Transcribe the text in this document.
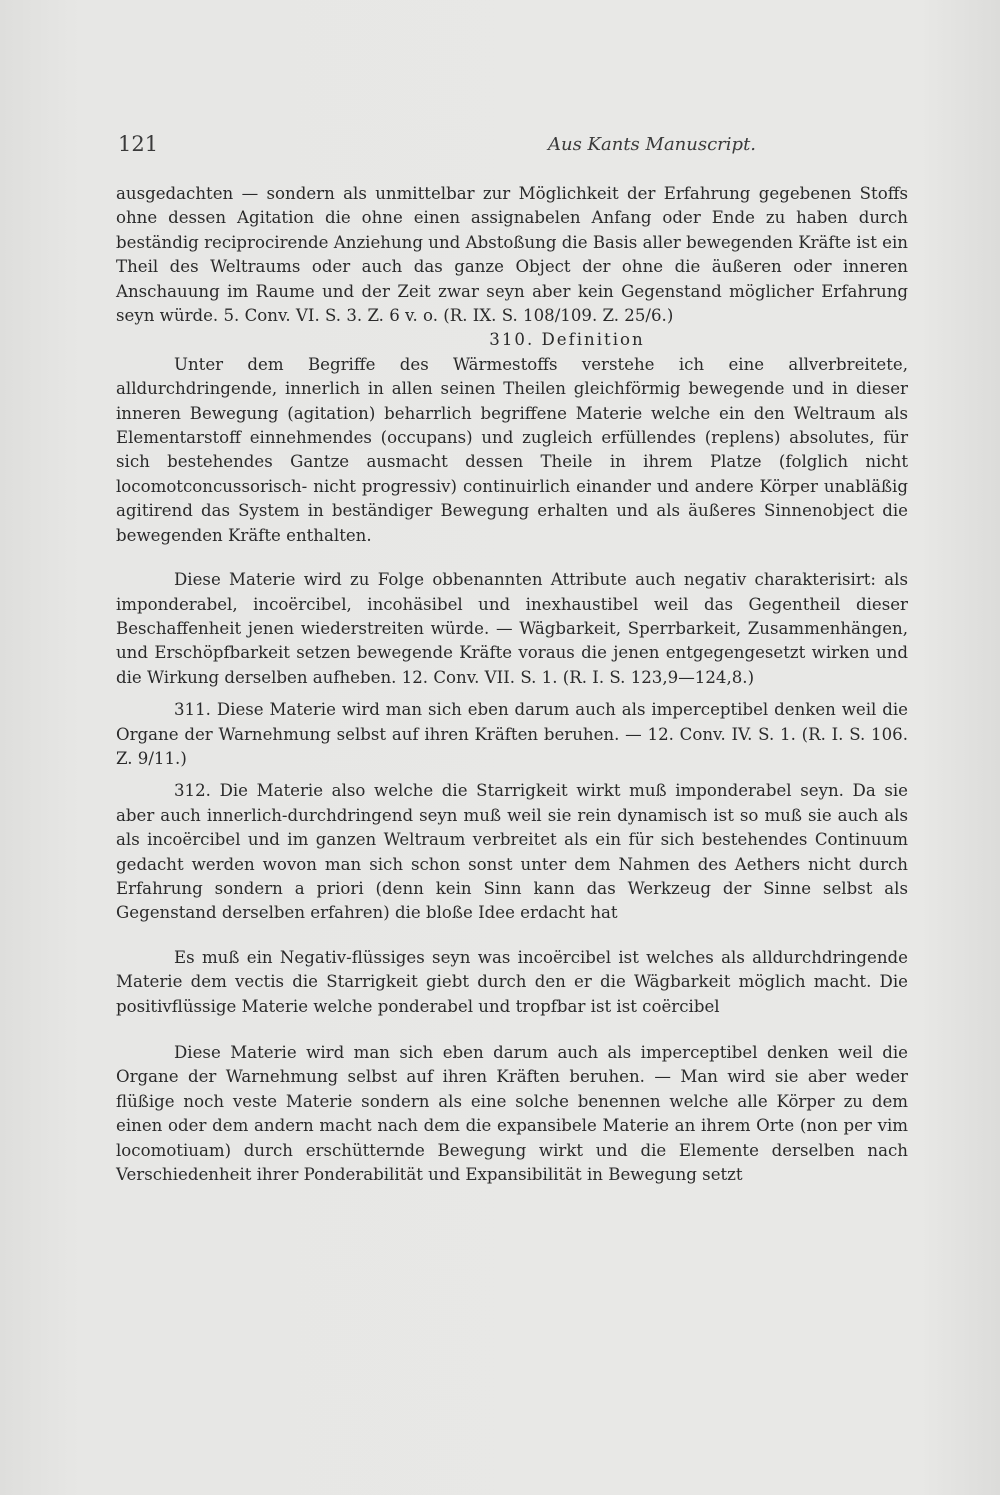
121	Aus Kants Manuscript.

ausgedachten — sondern als unmittelbar zur Möglichkeit der Erfahrung gegebenen Stoffs ohne dessen Agitation die ohne einen assignabelen Anfang oder Ende zu haben durch beständig reciprocirende Anziehung und Abstoßung die Basis aller bewegenden Kräfte ist ein Theil des Weltraums oder auch das ganze Object der ohne die äußeren oder inneren Anschauung im Raume und der Zeit zwar seyn aber kein Gegenstand möglicher Erfahrung seyn würde. 5. Conv. VI. S. 3. Z. 6 v. o. (R. IX. S. 108/109. Z. 25/6.)

310. Definition

Unter dem Begriffe des Wärmestoffs verstehe ich eine allverbreitete, alldurchdringende, innerlich in allen seinen Theilen gleichförmig bewegende und in dieser inneren Bewegung (agitation) beharrlich begriffene Materie welche ein den Weltraum als Elementarstoff einnehmendes (occupans) und zugleich erfüllendes (replens) absolutes, für sich bestehendes Gantze ausmacht dessen Theile in ihrem Platze (folglich nicht locomotconcussorisch- nicht progressiv) continuirlich einander und andere Körper unabläßig agitirend das System in beständiger Bewegung erhalten und als äußeres Sinnenobject die bewegenden Kräfte enthalten.

Diese Materie wird zu Folge obbenannten Attribute auch negativ charakterisirt: als imponderabel, incoërcibel, incohäsibel und inexhaustibel weil das Gegentheil dieser Beschaffenheit jenen wiederstreiten würde. — Wägbarkeit, Sperrbarkeit, Zusammenhängen, und Erschöpfbarkeit setzen bewegende Kräfte voraus die jenen entgegengesetzt wirken und die Wirkung derselben aufheben. 12. Conv. VII. S. 1. (R. I. S. 123,9—124,8.)

311. Diese Materie wird man sich eben darum auch als imperceptibel denken weil die Organe der Warnehmung selbst auf ihren Kräften beruhen. — 12. Conv. IV. S. 1. (R. I. S. 106. Z. 9/11.)

312. Die Materie also welche die Starrigkeit wirkt muß imponderabel seyn. Da sie aber auch innerlich-durchdringend seyn muß weil sie rein dynamisch ist so muß sie auch als als incoërcibel und im ganzen Weltraum verbreitet als ein für sich bestehendes Continuum gedacht werden wovon man sich schon sonst unter dem Nahmen des Aethers nicht durch Erfahrung sondern a priori (denn kein Sinn kann das Werkzeug der Sinne selbst als Gegenstand derselben erfahren) die bloße Idee erdacht hat

Es muß ein Negativ-flüssiges seyn was incoërcibel ist welches als alldurchdringende Materie dem vectis die Starrigkeit giebt durch den er die Wägbarkeit möglich macht. Die positivflüssige Materie welche ponderabel und tropfbar ist ist coërcibel

Diese Materie wird man sich eben darum auch als imperceptibel denken weil die Organe der Warnehmung selbst auf ihren Kräften beruhen. — Man wird sie aber weder flüßige noch veste Materie sondern als eine solche benennen welche alle Körper zu dem einen oder dem andern macht nach dem die expansibele Materie an ihrem Orte (non per vim locomotiuam) durch erschütternde Bewegung wirkt und die Elemente derselben nach Verschiedenheit ihrer Ponderabilität und Expansibilität in Bewegung setzt
